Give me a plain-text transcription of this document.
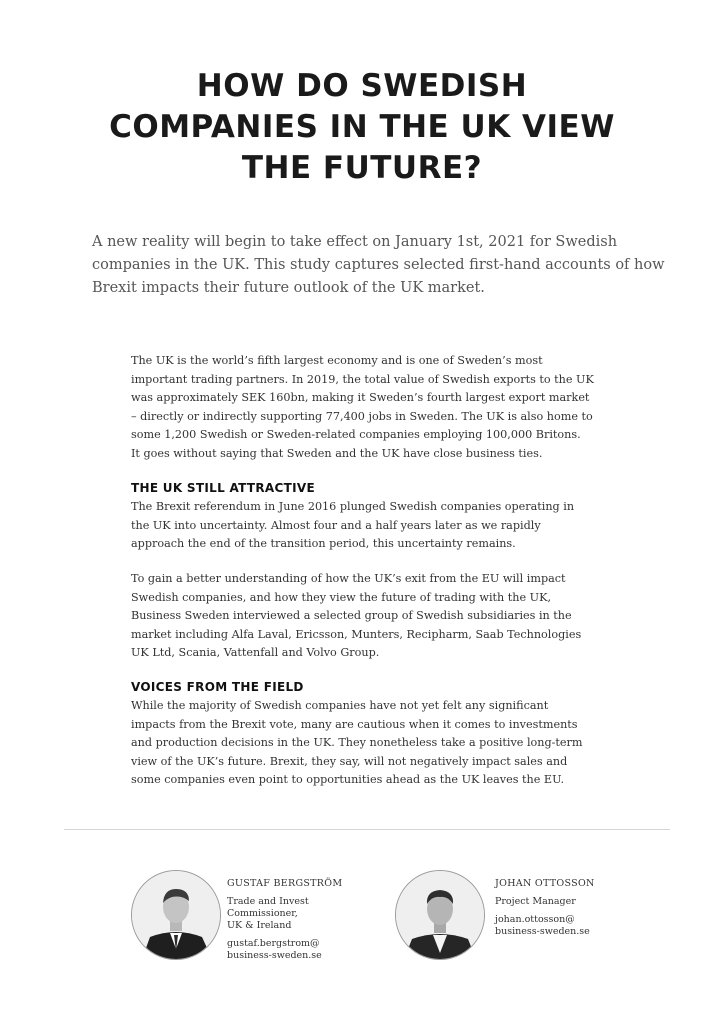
HOW DO SWEDISH
COMPANIES IN THE UK VIEW
THE FUTURE?
A new reality will begin to take effect on January 1st, 2021 for Swedish
companies in the UK. This study captures selected first-hand accounts of how
Brexit impacts their future outlook of the UK market.
The UK is the world’s fifth largest economy and is one of Sweden’s most
important trading partners. In 2019, the total value of Swedish exports to the UK
was approximately SEK 160bn, making it Sweden’s fourth largest export market
– directly or indirectly supporting 77,400 jobs in Sweden. The UK is also home to
some 1,200 Swedish or Sweden-related companies employing 100,000 Britons.
It goes without saying that Sweden and the UK have close business ties.
THE UK STILL ATTRACTIVE
The Brexit referendum in June 2016 plunged Swedish companies operating in
the UK into uncertainty. Almost four and a half years later as we rapidly
approach the end of the transition period, this uncertainty remains.
To gain a better understanding of how the UK’s exit from the EU will impact
Swedish companies, and how they view the future of trading with the UK,
Business Sweden interviewed a selected group of Swedish subsidiaries in the
market including Alfa Laval, Ericsson, Munters, Recipharm, Saab Technologies
UK Ltd, Scania, Vattenfall and Volvo Group.
VOICES FROM THE FIELD
While the majority of Swedish companies have not yet felt any significant
impacts from the Brexit vote, many are cautious when it comes to investments
and production decisions in the UK. They nonetheless take a positive long-term
view of the UK’s future. Brexit, they say, will not negatively impact sales and
some companies even point to opportunities ahead as the UK leaves the EU.
GUSTAF BERGSTRÖM
Trade and Invest
Commissioner,
UK & Ireland
gustaf.bergstrom@
business-sweden.se
JOHAN OTTOSSON
Project Manager
johan.ottosson@
business-sweden.se
